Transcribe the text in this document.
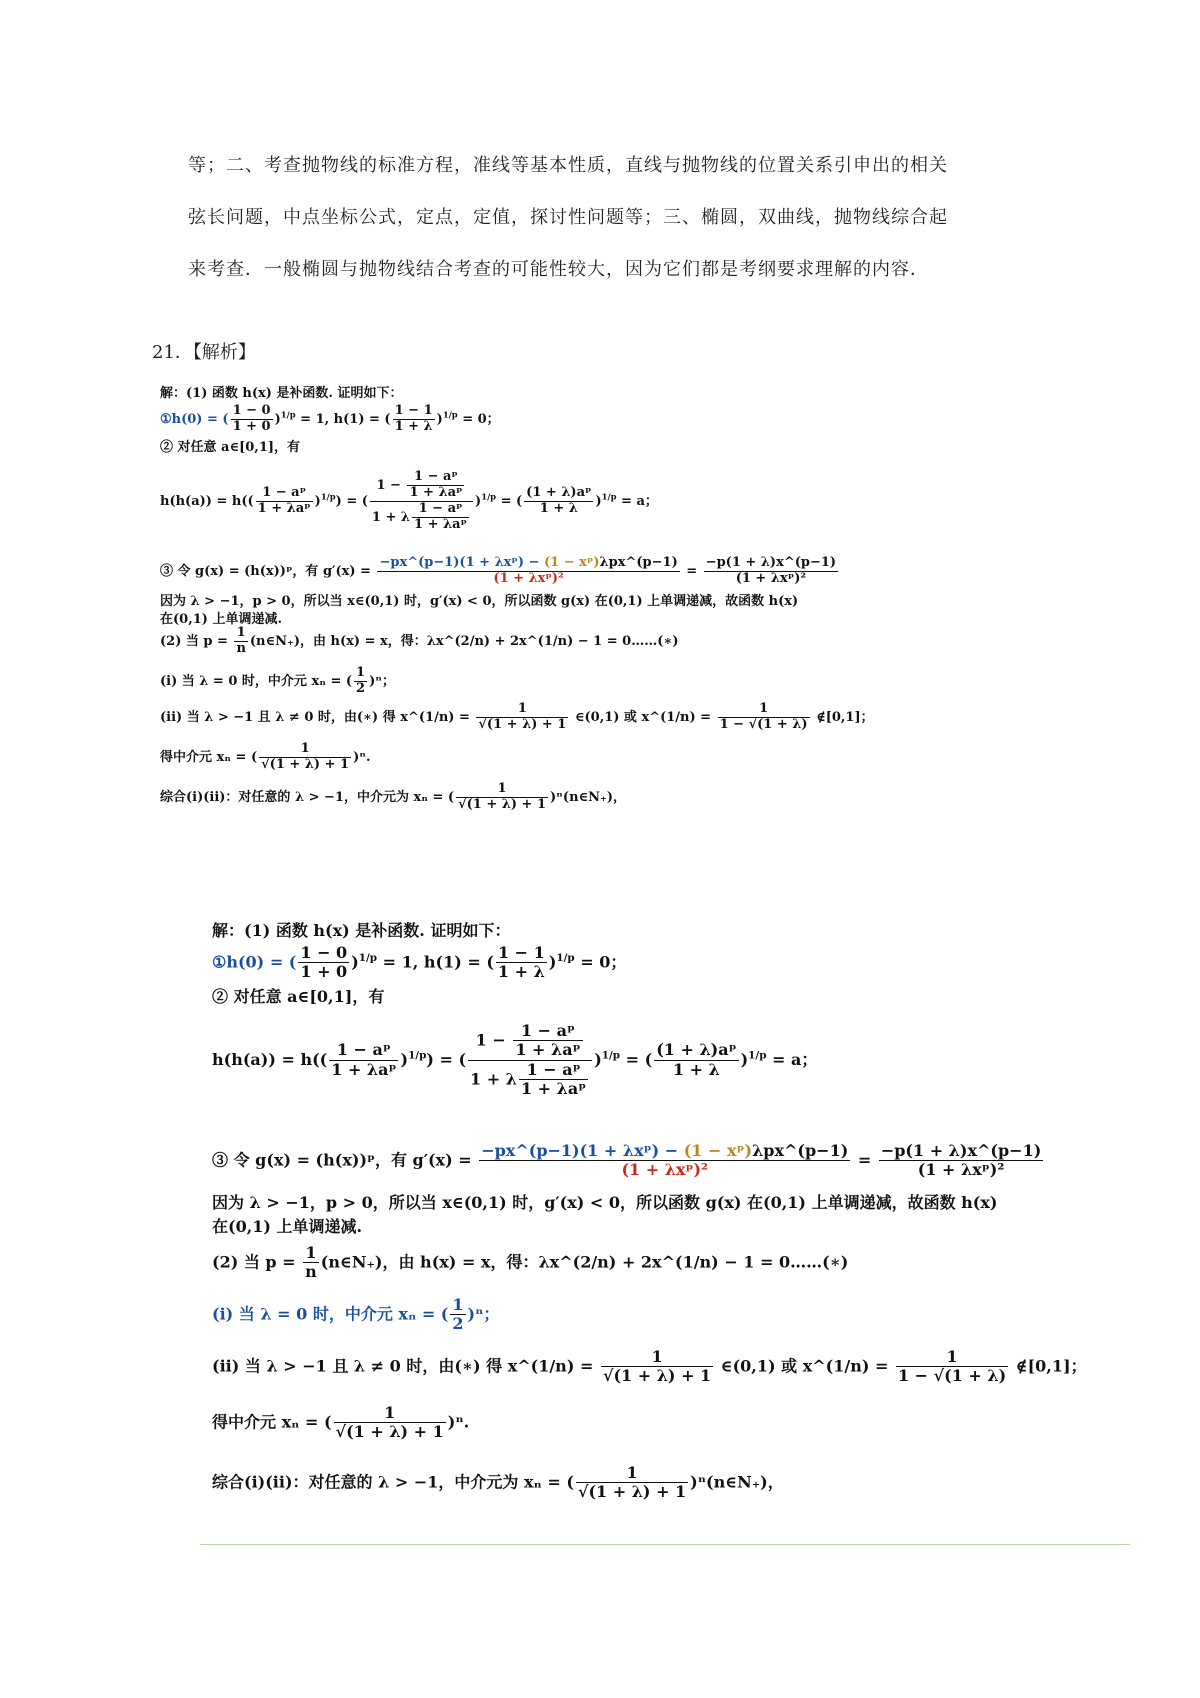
等；二、考查抛物线的标准方程，准线等基本性质，直线与抛物线的位置关系引申出的相关

弦长问题，中点坐标公式，定点，定值，探讨性问题等；三、椭圆，双曲线，抛物线综合起

来考查．一般椭圆与抛物线结合考查的可能性较大，因为它们都是考纲要求理解的内容．

21．【解析】
解：(1) 函数 h(x) 是补函数. 证明如下：
①h(0) = ( $\frac{1 - 0}{1 + 0} )^{1/p} = 1$, h(1) = ( $\frac{1 - 1}{1 + \lambda} )^{1/p} = 0$；
② 对任意 a∈[0,1]，有
$h(h(a)) = h(( \frac{\text{1 − aᵖ}}{\text{1 + λaᵖ}} )^{1/p})$ = ( $\frac{1 - \frac{\text{1 − aᵖ}}{\text{1 + λaᵖ}}}{1 + \lambda \frac{\text{1 − aᵖ}}{\text{1 + λaᵖ}}} )^{1/p}$ = ( $\frac{\text{(1 + λ)aᵖ}}{1 + \lambda} )^{1/p} = a$；
③ 令 g(x) = (h(x))ᵖ，有 $g'(x) = \frac{\text{−px\textasciicircum{}(p−1)(1 + λxᵖ) − (1 − xᵖ)λpx\textasciicircum{}(p−1)}}{\text{(1 + λxᵖ)²}} = \frac{-p(1 + \lambda)x\^{}(p-1)}{\text{(1 + λxᵖ)²}}$
因为 λ > −1，p > 0，所以当 x∈(0,1) 时，g′(x) < 0，所以函数 g(x) 在(0,1) 上单调递减，故函数 h(x)
在(0,1) 上单调递减.
(2) 当 $p = \frac{1}{n}$ (n∈N₊)，由 h(x) = x，得：λx^(2/n) + 2x^(1/n) − 1 = 0……(∗)
(i) 当 λ = 0 时，中介元 xₙ = ( $\frac{1}{2} )^n$；
(ii) 当 λ > −1 且 λ ≠ 0 时，由(∗) 得 x^(1/n) = $\frac{1}{√(1 + \lambda) + 1}$ ∈(0,1) 或 x^(1/n) = $\frac{1}{1 - √(1 + \lambda)}$ ∉[0,1]；
得中介元 xₙ = ( $\frac{1}{√(1 + \lambda) + 1} )^n$.
综合(i)(ii)：对任意的 λ > −1，中介元为 xₙ = ( $\frac{1}{√(1 + \lambda) + 1}$ )ⁿ(n∈N₊)，
解：(1) 函数 h(x) 是补函数. 证明如下：
①h(0) = ( $\frac{1 - 0}{1 + 0} )^{1/p} = 1$, h(1) = ( $\frac{1 - 1}{1 + \lambda} )^{1/p} = 0$；
② 对任意 a∈[0,1]，有
$h(h(a)) = h(( \frac{\text{1 − aᵖ}}{\text{1 + λaᵖ}} )^{1/p})$ = ( $\frac{1 - \frac{\text{1 − aᵖ}}{\text{1 + λaᵖ}}}{1 + \lambda \frac{\text{1 − aᵖ}}{\text{1 + λaᵖ}}} )^{1/p}$ = ( $\frac{\text{(1 + λ)aᵖ}}{1 + \lambda} )^{1/p} = a$；
③ 令 g(x) = (h(x))ᵖ，有 $g'(x) = \frac{\text{−px\textasciicircum{}(p−1)(1 + λxᵖ) − (1 − xᵖ)λpx\textasciicircum{}(p−1)}}{\text{(1 + λxᵖ)²}} = \frac{-p(1 + \lambda)x\^{}(p-1)}{\text{(1 + λxᵖ)²}}$
因为 λ > −1，p > 0，所以当 x∈(0,1) 时，g′(x) < 0，所以函数 g(x) 在(0,1) 上单调递减，故函数 h(x)
在(0,1) 上单调递减.
(2) 当 $p = \frac{1}{n}$ (n∈N₊)，由 h(x) = x，得：λx^(2/n) + 2x^(1/n) − 1 = 0……(∗)
(i) 当 λ = 0 时，中介元 xₙ = ( $\frac{1}{2} )^n$；
(ii) 当 λ > −1 且 λ ≠ 0 时，由(∗) 得 x^(1/n) = $\frac{1}{√(1 + \lambda) + 1}$ ∈(0,1) 或 x^(1/n) = $\frac{1}{1 - √(1 + \lambda)}$ ∉[0,1]；
得中介元 xₙ = ( $\frac{1}{√(1 + \lambda) + 1} )^n$.
综合(i)(ii)：对任意的 λ > −1，中介元为 xₙ = ( $\frac{1}{√(1 + \lambda) + 1}$ )ⁿ(n∈N₊)，
